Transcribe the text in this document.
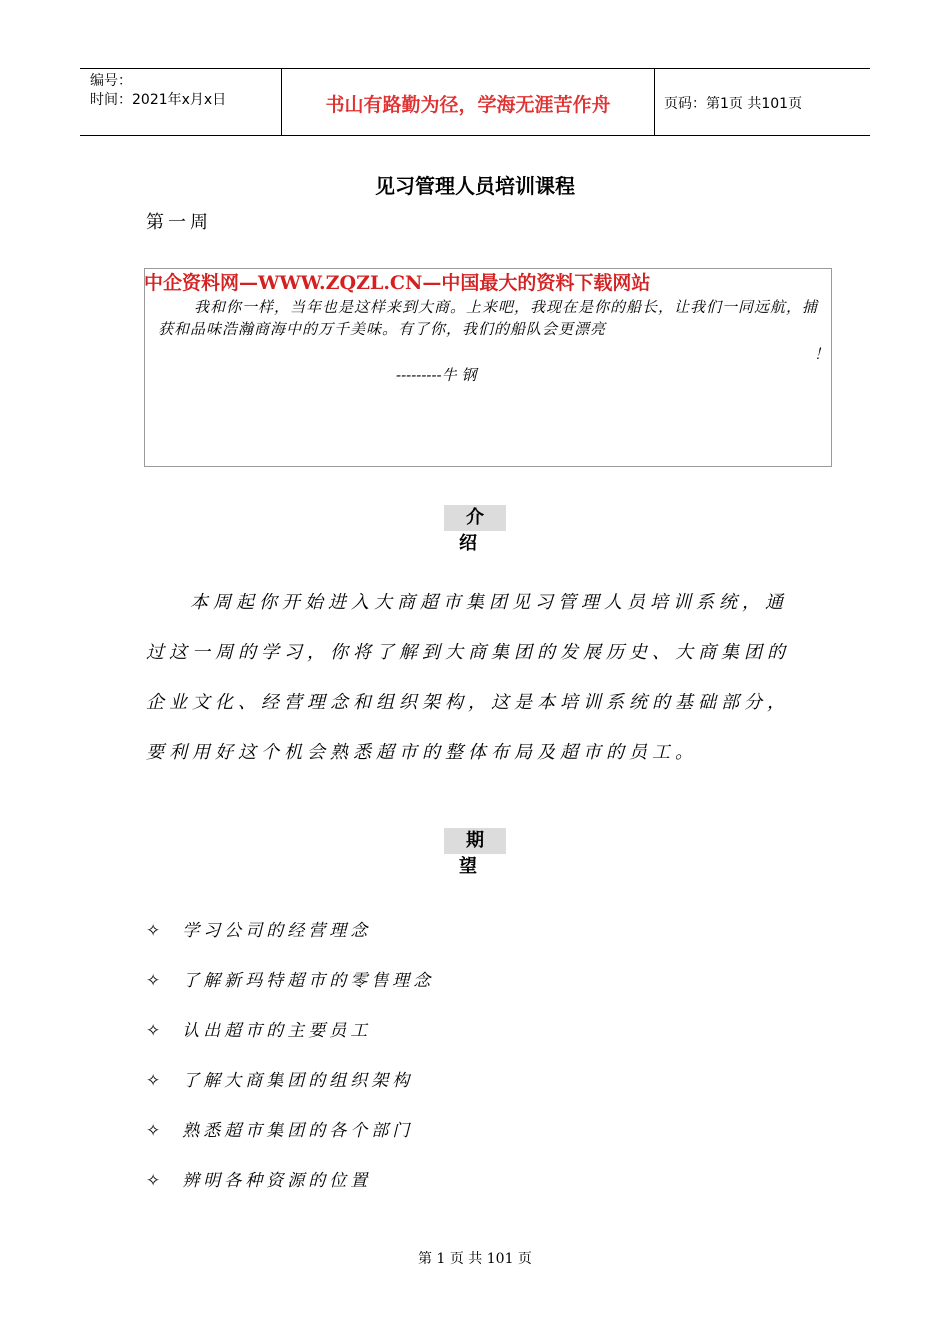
编号：
时间：2021年x月x日	书山有路勤为径，学海无涯苦作舟	页码：第1页 共101页
见习管理人员培训课程
第一周
中企资料网—WWW.ZQZL.CN—中国最大的资料下载网站
我和你一样，当年也是这样来到大商。上来吧，我现在是你的船长，让我们一同远航，捕获和品味浩瀚商海中的万千美味。有了你，我们的船队会更漂亮
！
---------牛 钢
介绍
本周起你开始进入大商超市集团见习管理人员培训系统，通过这一周的学习，你将了解到大商集团的发展历史、大商集团的企业文化、经营理念和组织架构，这是本培训系统的基础部分，要利用好这个机会熟悉超市的整体布局及超市的员工。
期望
✧ 学习公司的经营理念
✧ 了解新玛特超市的零售理念
✧ 认出超市的主要员工
✧ 了解大商集团的组织架构
✧ 熟悉超市集团的各个部门
✧ 辨明各种资源的位置
第 1 页 共 101 页
